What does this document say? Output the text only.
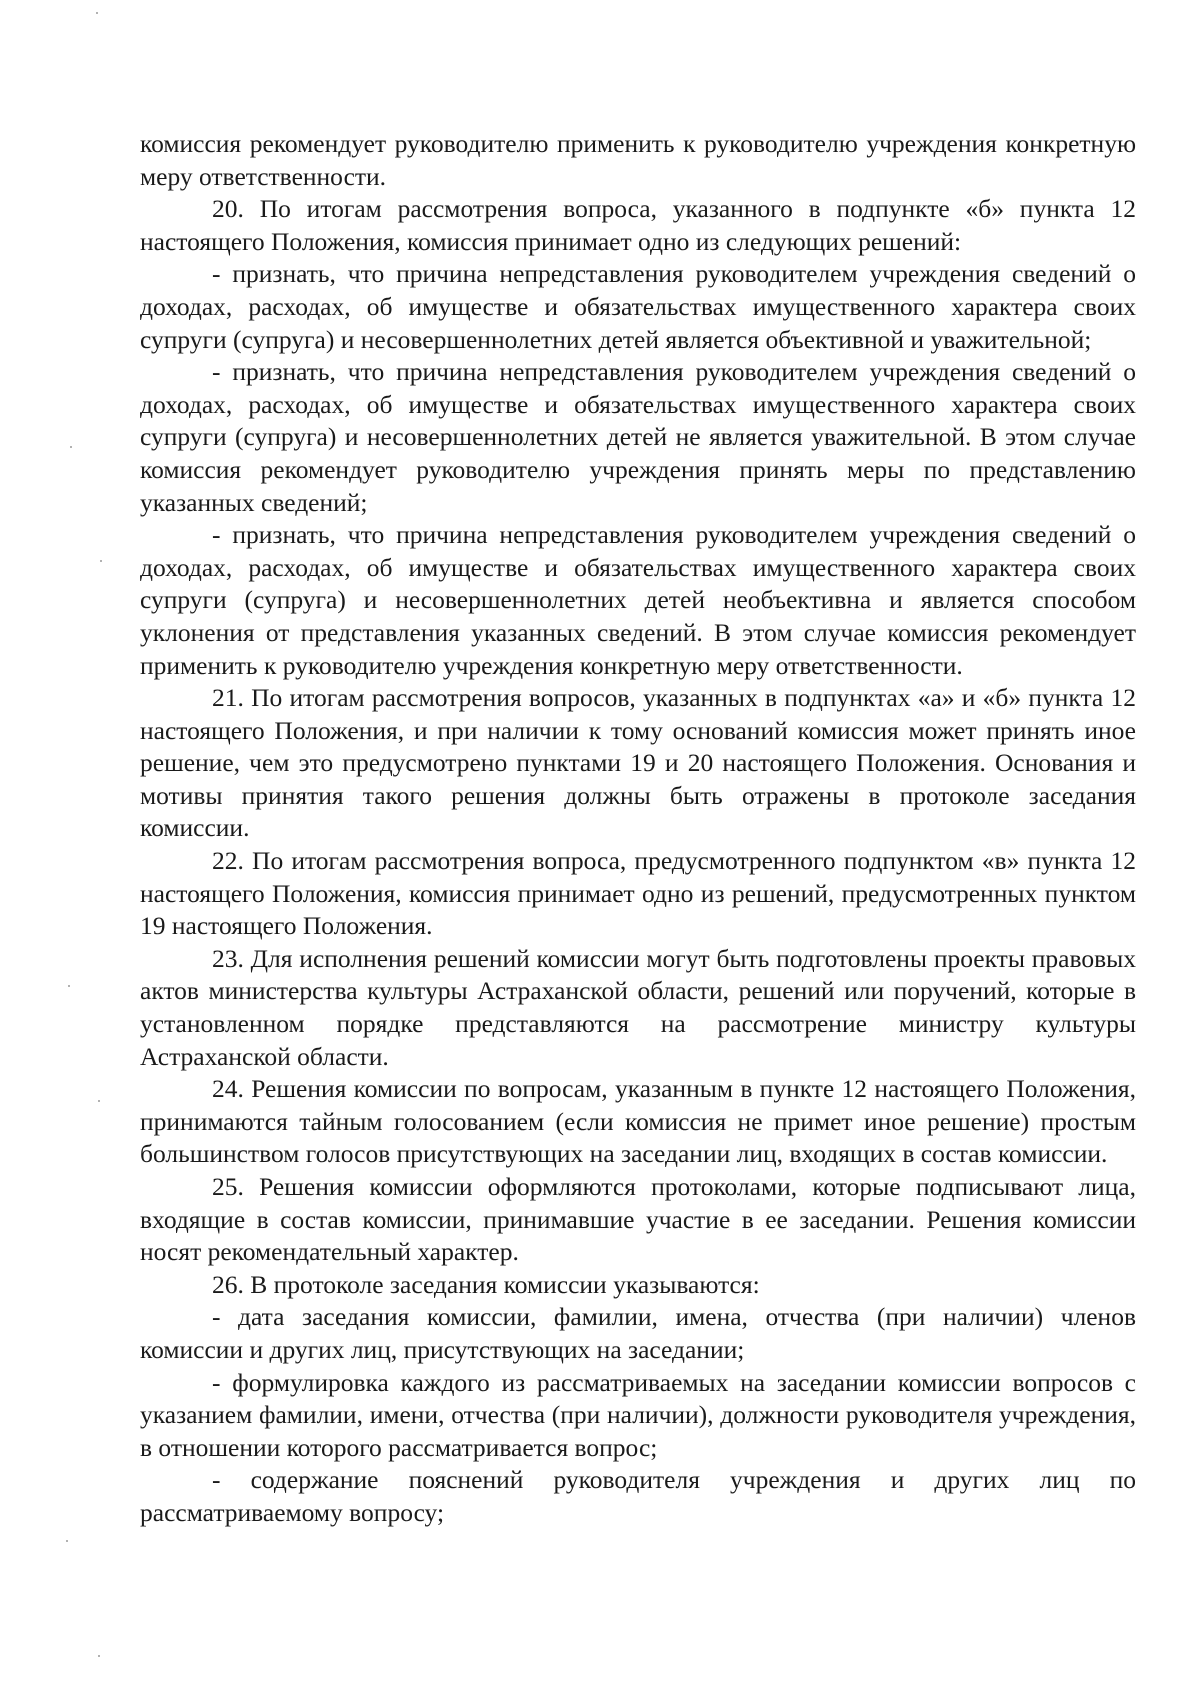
комиссия рекомендует руководителю применить к руководителю учреждения конкретную меру ответственности.

20. По итогам рассмотрения вопроса, указанного в подпункте «б» пункта 12 настоящего Положения, комиссия принимает одно из следующих решений:

- признать, что причина непредставления руководителем учреждения сведений о доходах, расходах, об имуществе и обязательствах имущественного характера своих супруги (супруга) и несовершеннолетних детей является объективной и уважительной;

- признать, что причина непредставления руководителем учреждения сведений о доходах, расходах, об имуществе и обязательствах имущественного характера своих супруги (супруга) и несовершеннолетних детей не является уважительной. В этом случае комиссия рекомендует руководителю учреждения принять меры по представлению указанных сведений;

- признать, что причина непредставления руководителем учреждения сведений о доходах, расходах, об имуществе и обязательствах имущественного характера своих супруги (супруга) и несовершеннолетних детей необъективна и является способом уклонения от представления указанных сведений. В этом случае комиссия рекомендует применить к руководителю учреждения конкретную меру ответственности.

21. По итогам рассмотрения вопросов, указанных в подпунктах «а» и «б» пункта 12 настоящего Положения, и при наличии к тому оснований комиссия может принять иное решение, чем это предусмотрено пунктами 19 и 20 настоящего Положения. Основания и мотивы принятия такого решения должны быть отражены в протоколе заседания комиссии.

22. По итогам рассмотрения вопроса, предусмотренного подпунктом «в» пункта 12 настоящего Положения, комиссия принимает одно из решений, предусмотренных пунктом 19 настоящего Положения.

23. Для исполнения решений комиссии могут быть подготовлены проекты правовых актов министерства культуры Астраханской области, решений или поручений, которые в установленном порядке представляются на рассмотрение министру культуры Астраханской области.

24. Решения комиссии по вопросам, указанным в пункте 12 настоящего Положения, принимаются тайным голосованием (если комиссия не примет иное решение) простым большинством голосов присутствующих на заседании лиц, входящих в состав комиссии.

25. Решения комиссии оформляются протоколами, которые подписывают лица, входящие в состав комиссии, принимавшие участие в ее заседании. Решения комиссии носят рекомендательный характер.

26. В протоколе заседания комиссии указываются:

- дата заседания комиссии, фамилии, имена, отчества (при наличии) членов комиссии и других лиц, присутствующих на заседании;

- формулировка каждого из рассматриваемых на заседании комиссии вопросов с указанием фамилии, имени, отчества (при наличии), должности руководителя учреждения, в отношении которого рассматривается вопрос;

- содержание пояснений руководителя учреждения и других лиц по рассматриваемому вопросу;
